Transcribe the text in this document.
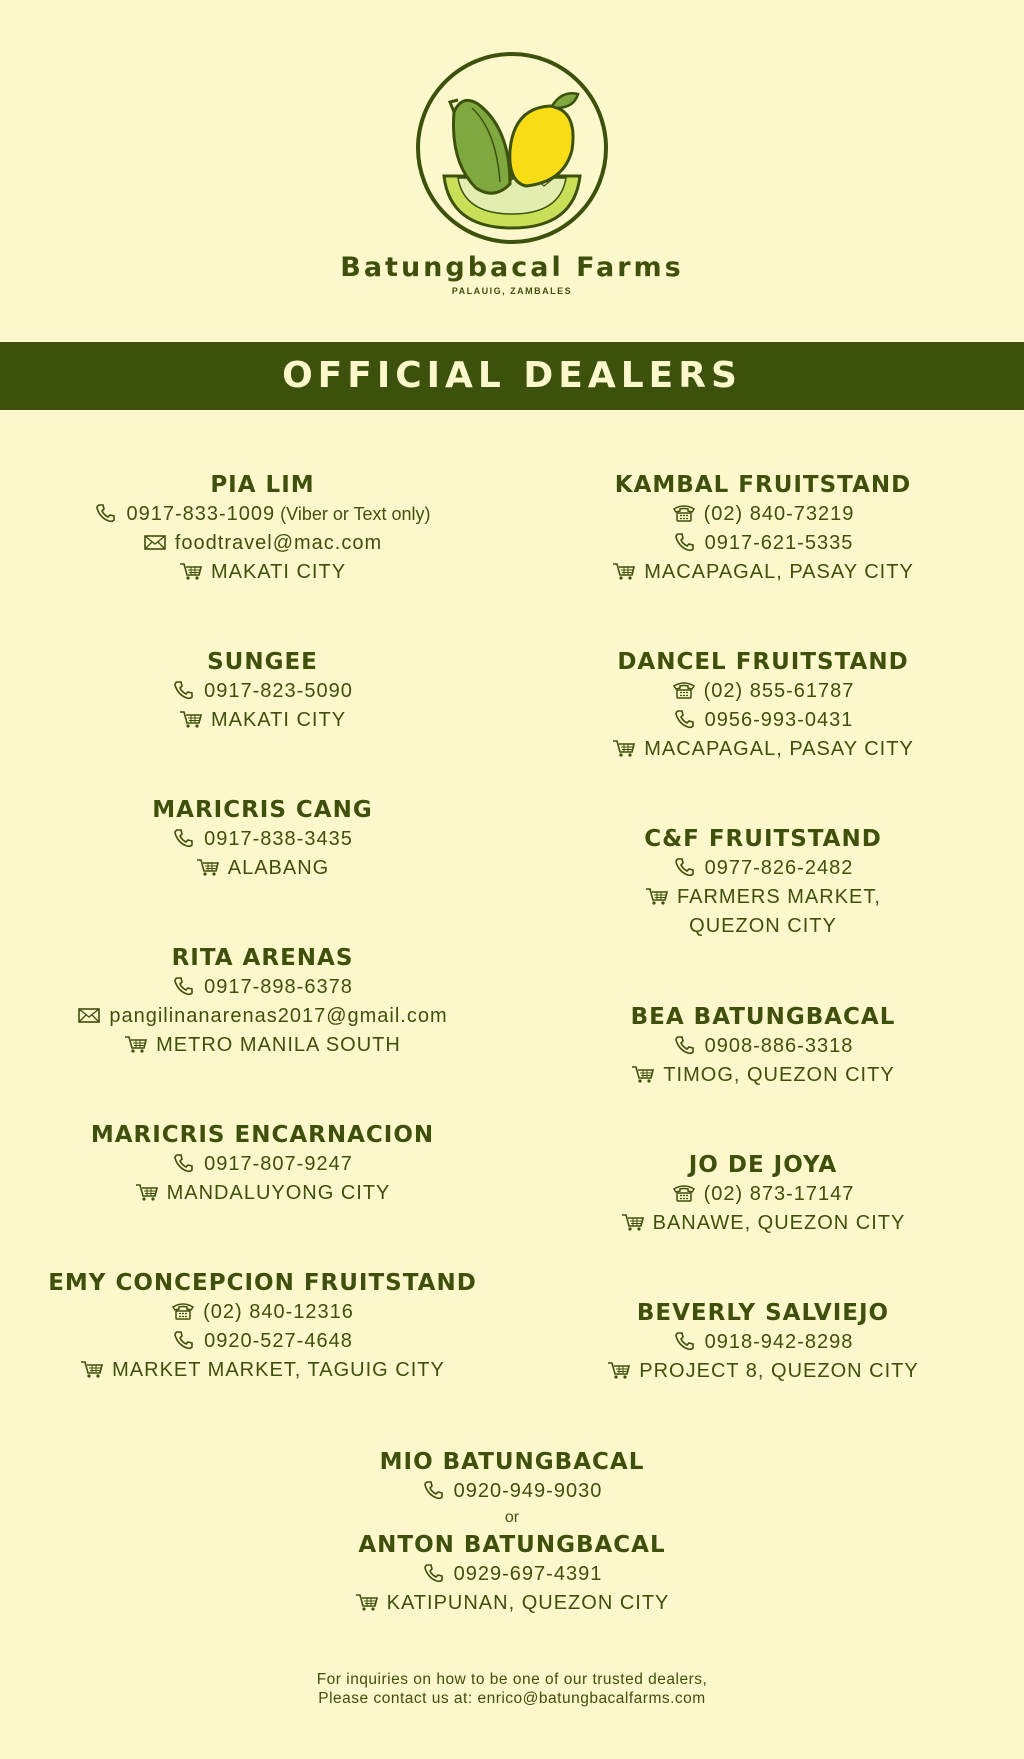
Batungbacal Farms
PALAUIG, ZAMBALES
OFFICIAL DEALERS
PIA LIM
0917-833-1009 (Viber or Text only)
foodtravel@mac.com
MAKATI CITY
SUNGEE
0917-823-5090
MAKATI CITY
MARICRIS CANG
0917-838-3435
ALABANG
RITA ARENAS
0917-898-6378
pangilinanarenas2017@gmail.com
METRO MANILA SOUTH
MARICRIS ENCARNACION
0917-807-9247
MANDALUYONG CITY
EMY CONCEPCION FRUITSTAND
(02) 840-12316
0920-527-4648
MARKET MARKET, TAGUIG CITY
KAMBAL FRUITSTAND
(02) 840-73219
0917-621-5335
MACAPAGAL, PASAY CITY
DANCEL FRUITSTAND
(02) 855-61787
0956-993-0431
MACAPAGAL, PASAY CITY
C&F FRUITSTAND
0977-826-2482
FARMERS MARKET,
QUEZON CITY
BEA BATUNGBACAL
0908-886-3318
TIMOG, QUEZON CITY
JO DE JOYA
(02) 873-17147
BANAWE, QUEZON CITY
BEVERLY SALVIEJO
0918-942-8298
PROJECT 8, QUEZON CITY
MIO BATUNGBACAL
0920-949-9030
or
ANTON BATUNGBACAL
0929-697-4391
KATIPUNAN, QUEZON CITY
For inquiries on how to be one of our trusted dealers,
Please contact us at: enrico@batungbacalfarms.com
